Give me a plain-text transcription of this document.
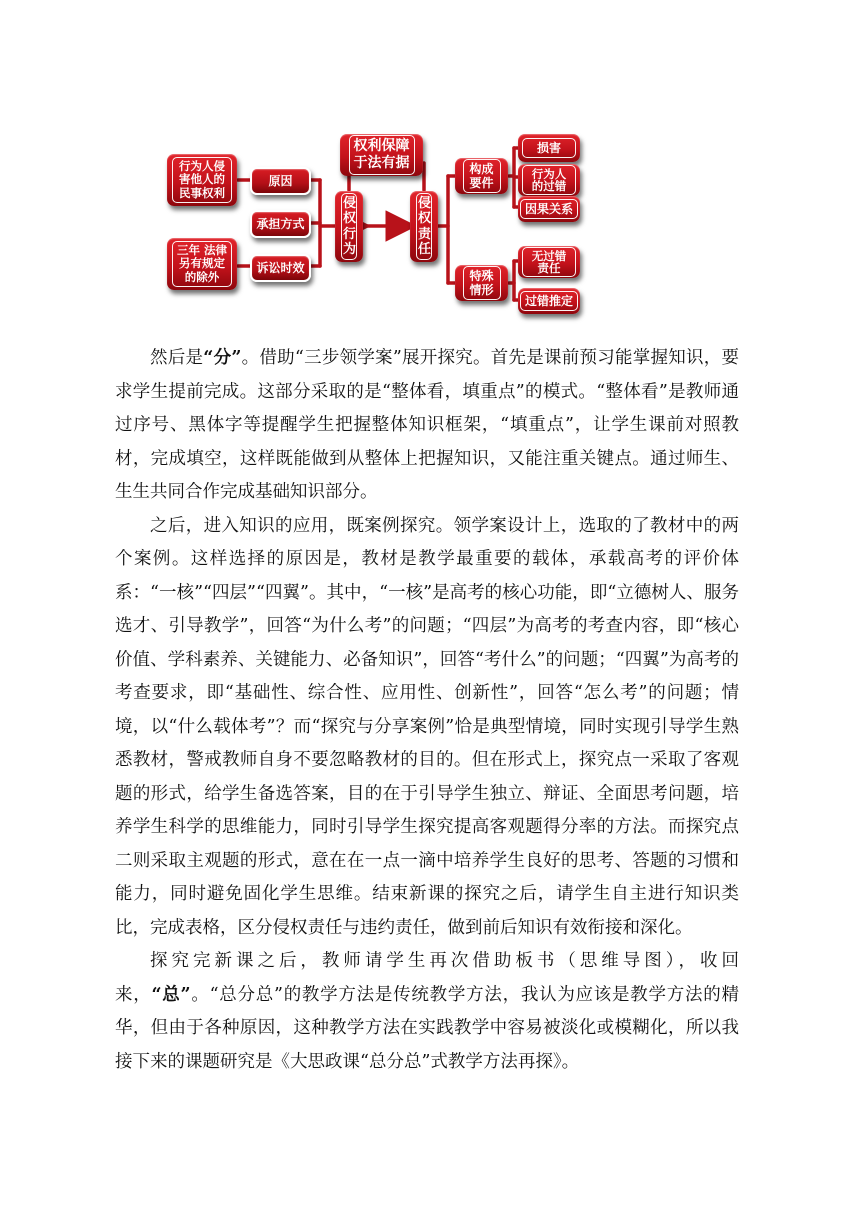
权利保障于法有据
侵权行为
侵权责任
原因
承担方式
诉讼时效
行为人侵害他人的民事权利
三年 法律另有规定的除外
构成要件
特殊情形
损害
行为人的过错
因果关系
无过错责任
过错推定

然后是“分”。借助“三步领学案”展开探究。首先是课前预习能掌握知识，要求学生提前完成。这部分采取的是“整体看，填重点”的模式。“整体看”是教师通过序号、黑体字等提醒学生把握整体知识框架，“填重点”，让学生课前对照教材，完成填空，这样既能做到从整体上把握知识，又能注重关键点。通过师生、生生共同合作完成基础知识部分。

之后，进入知识的应用，既案例探究。领学案设计上，选取的了教材中的两个案例。这样选择的原因是，教材是教学最重要的载体，承载高考的评价体系：“一核”“四层”“四翼”。其中，“一核”是高考的核心功能，即“立德树人、服务选才、引导教学”，回答“为什么考”的问题；“四层”为高考的考查内容，即“核心价值、学科素养、关键能力、必备知识”，回答“考什么”的问题；“四翼”为高考的考查要求，即“基础性、综合性、应用性、创新性”，回答“怎么考”的问题；情境，以“什么载体考”？而“探究与分享案例”恰是典型情境，同时实现引导学生熟悉教材，警戒教师自身不要忽略教材的目的。但在形式上，探究点一采取了客观题的形式，给学生备选答案，目的在于引导学生独立、辩证、全面思考问题，培养学生科学的思维能力，同时引导学生探究提高客观题得分率的方法。而探究点二则采取主观题的形式，意在在一点一滴中培养学生良好的思考、答题的习惯和能力，同时避免固化学生思维。结束新课的探究之后，请学生自主进行知识类比，完成表格，区分侵权责任与违约责任，做到前后知识有效衔接和深化。

探究完新课之后，教师请学生再次借助板书（思维导图），收回来，“总”。“总分总”的教学方法是传统教学方法，我认为应该是教学方法的精华，但由于各种原因，这种教学方法在实践教学中容易被淡化或模糊化，所以我接下来的课题研究是《大思政课“总分总”式教学方法再探》。
